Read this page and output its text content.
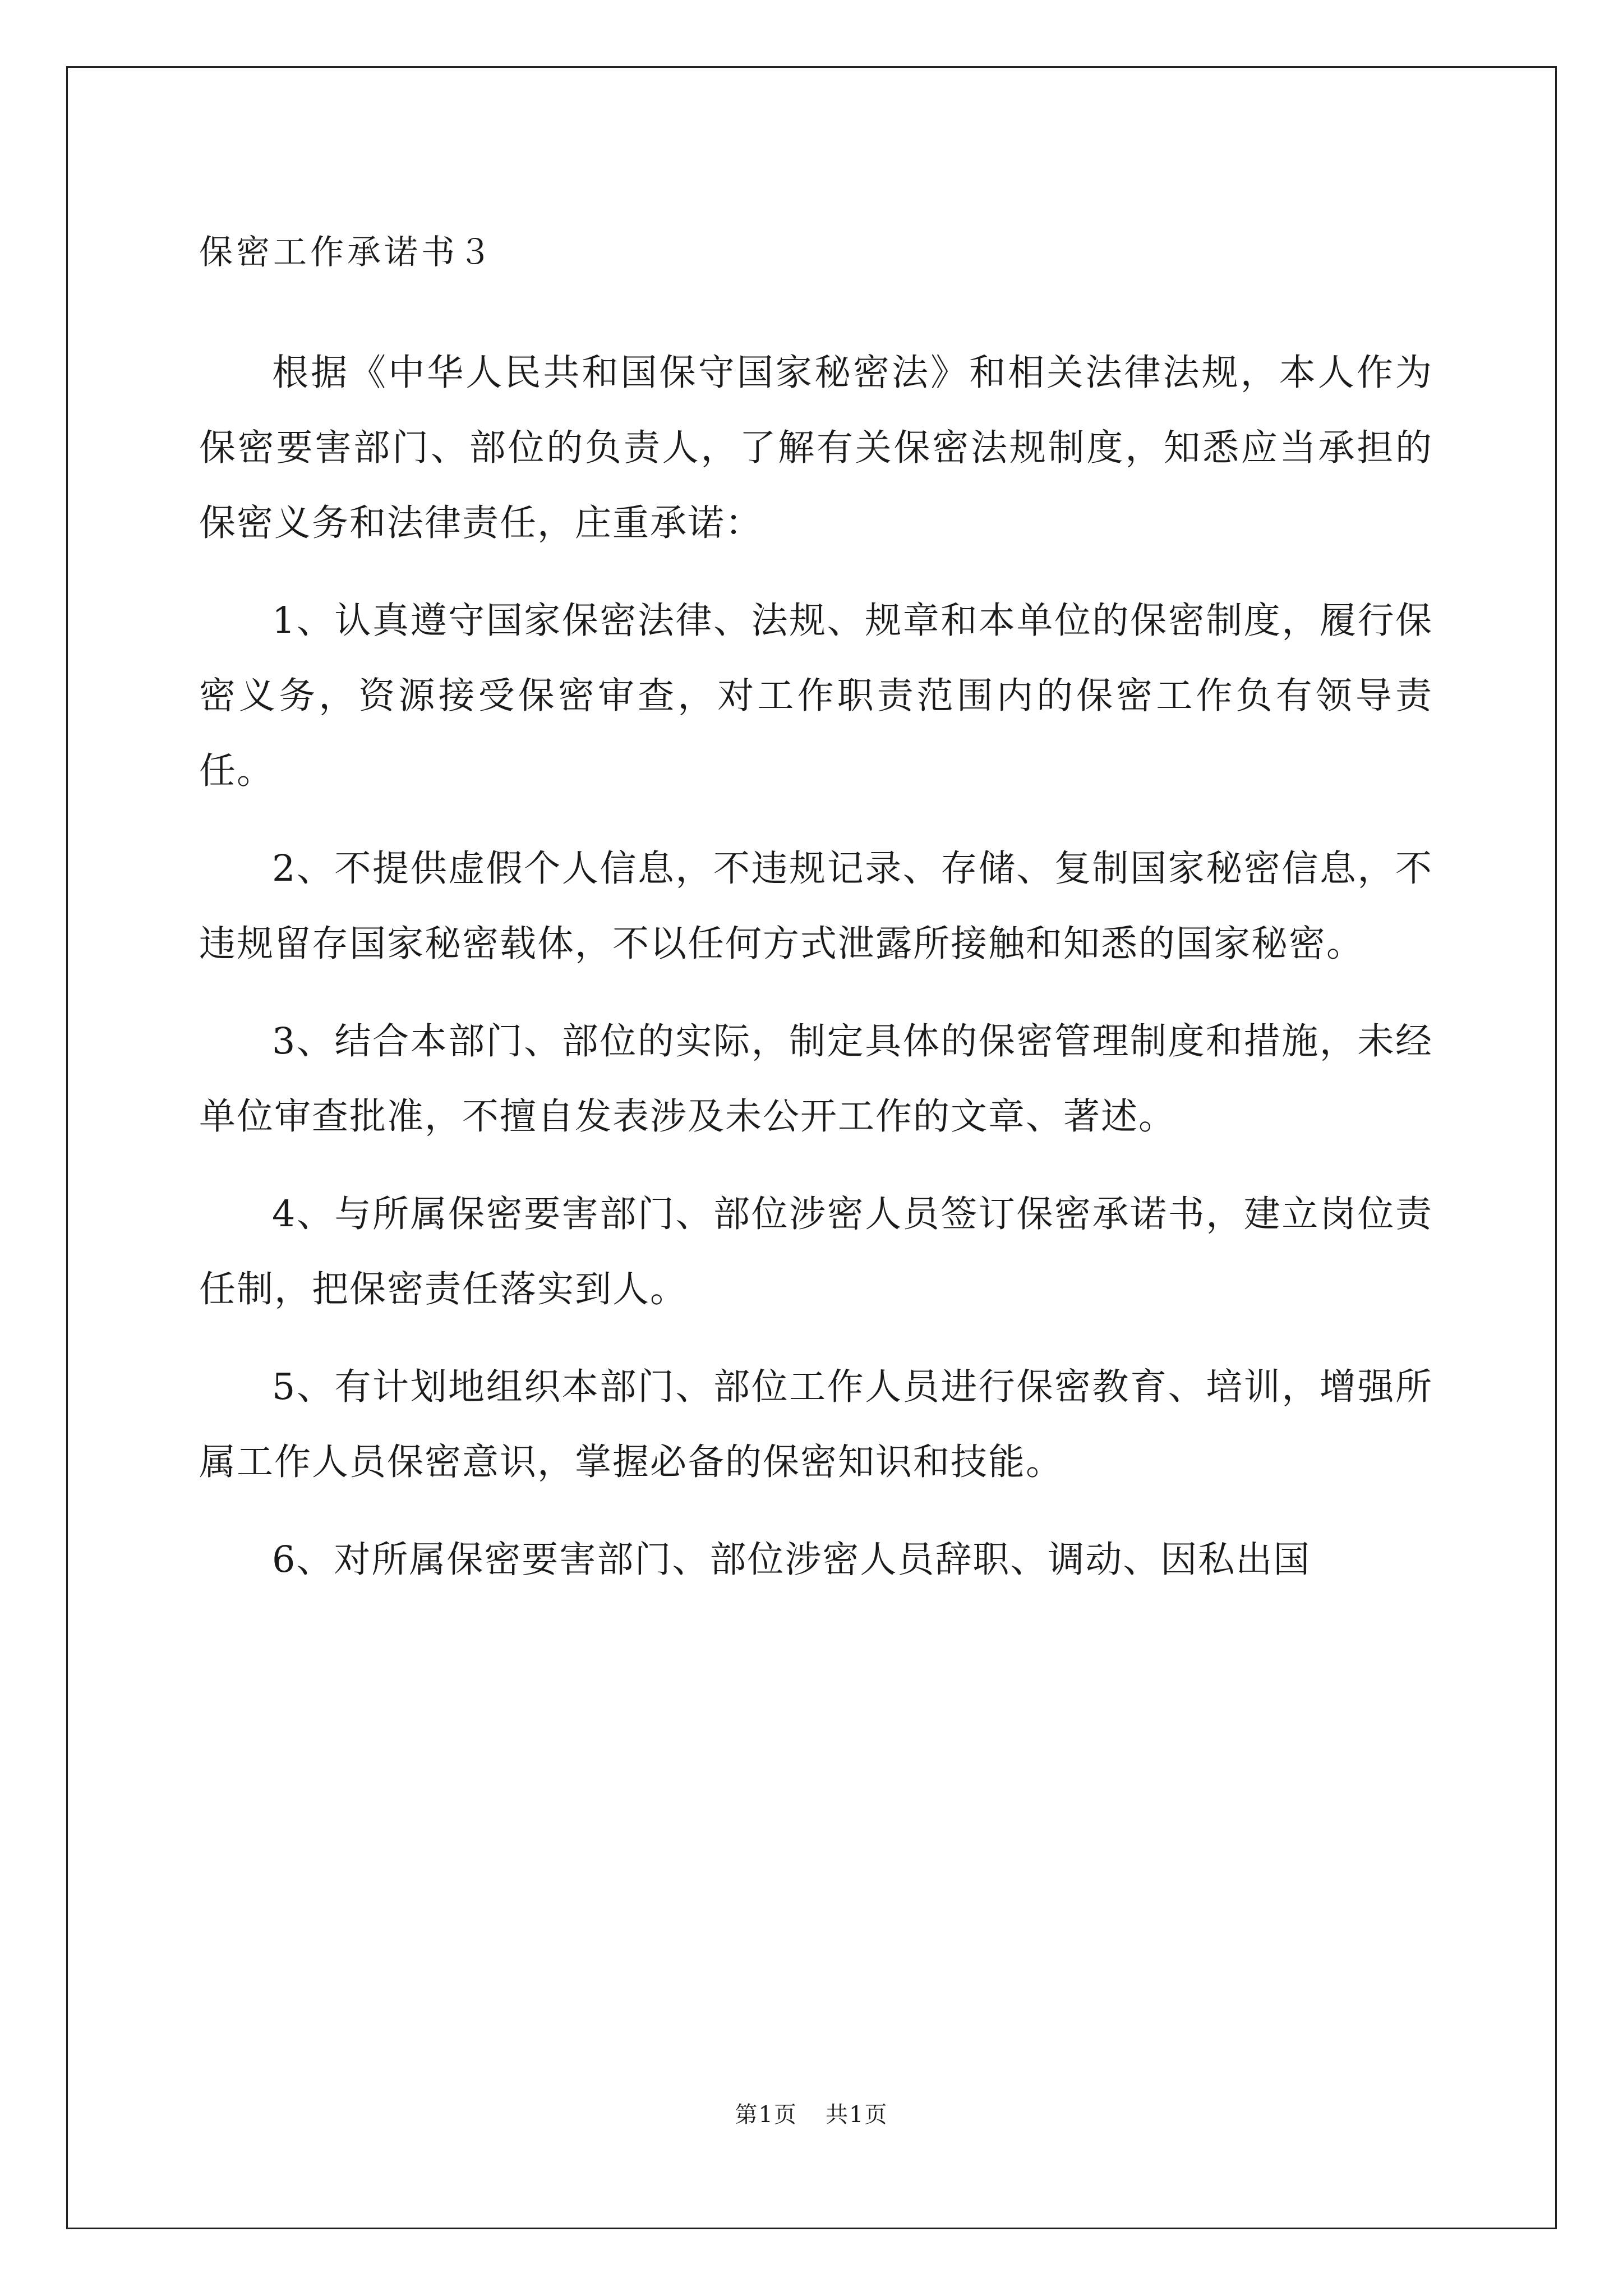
保密工作承诺书３

根据《中华人民共和国保守国家秘密法》和相关法律法规，本人作为保密要害部门、部位的负责人，了解有关保密法规制度，知悉应当承担的保密义务和法律责任，庄重承诺：

1、认真遵守国家保密法律、法规、规章和本单位的保密制度，履行保密义务，资源接受保密审查，对工作职责范围内的保密工作负有领导责任。

2、不提供虚假个人信息，不违规记录、存储、复制国家秘密信息，不违规留存国家秘密载体，不以任何方式泄露所接触和知悉的国家秘密。

3、结合本部门、部位的实际，制定具体的保密管理制度和措施，未经单位审查批准，不擅自发表涉及未公开工作的文章、著述。

4、与所属保密要害部门、部位涉密人员签订保密承诺书，建立岗位责任制，把保密责任落实到人。

5、有计划地组织本部门、部位工作人员进行保密教育、培训，增强所属工作人员保密意识，掌握必备的保密知识和技能。

6、对所属保密要害部门、部位涉密人员辞职、调动、因私出国

第1页 共1页
